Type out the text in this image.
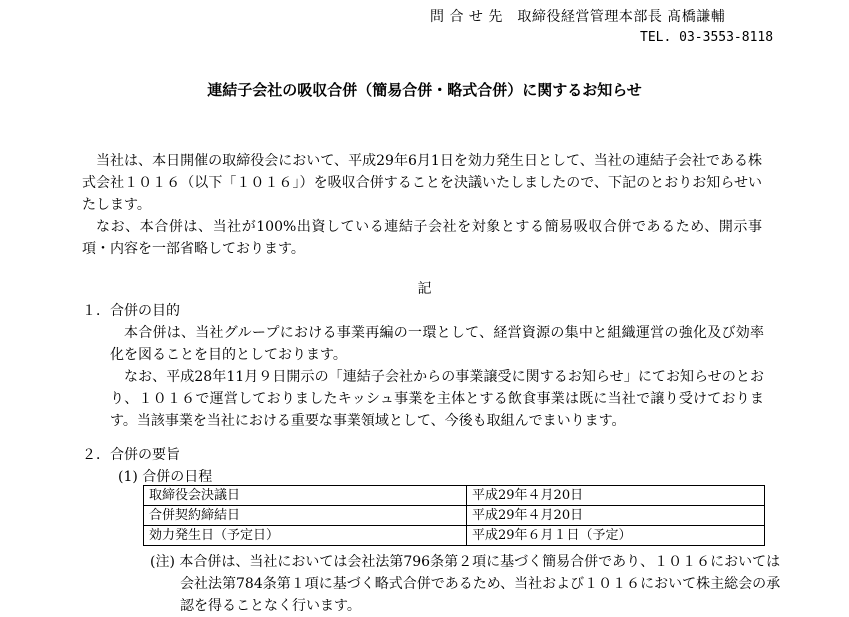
問 合 せ 先　取締役経営管理本部長 髙橋謙輔
TEL. 03-3553-8118
連結子会社の吸収合併（簡易合併・略式合併）に関するお知らせ
当社は、本日開催の取締役会において、平成29年6月1日を効力発生日として、当社の連結子会社である株式会社１０１６（以下「１０１６」）を吸収合併することを決議いたしましたので、下記のとおりお知らせいたします。
なお、本合併は、当社が100%出資している連結子会社を対象とする簡易吸収合併であるため、開示事項・内容を一部省略しております。
記
１．合併の目的

本合併は、当社グループにおける事業再編の一環として、経営資源の集中と組織運営の強化及び効率化を図ることを目的としております。

なお、平成28年11月９日開示の「連結子会社からの事業譲受に関するお知らせ」にてお知らせのとおり、１０１６で運営しておりましたキッシュ事業を主体とする飲食事業は既に当社で譲り受けております。当該事業を当社における重要な事業領域として、今後も取組んでまいります。

２．合併の要旨
(1) 合併の日程
取締役会決議日	平成29年４月20日
合併契約締結日	平成29年４月20日
効力発生日（予定日）	平成29年６月１日（予定）
(注) 本合併は、当社においては会社法第796条第２項に基づく簡易合併であり、１０１６においては会社法第784条第１項に基づく略式合併であるため、当社および１０１６において株主総会の承認を得ることなく行います。
